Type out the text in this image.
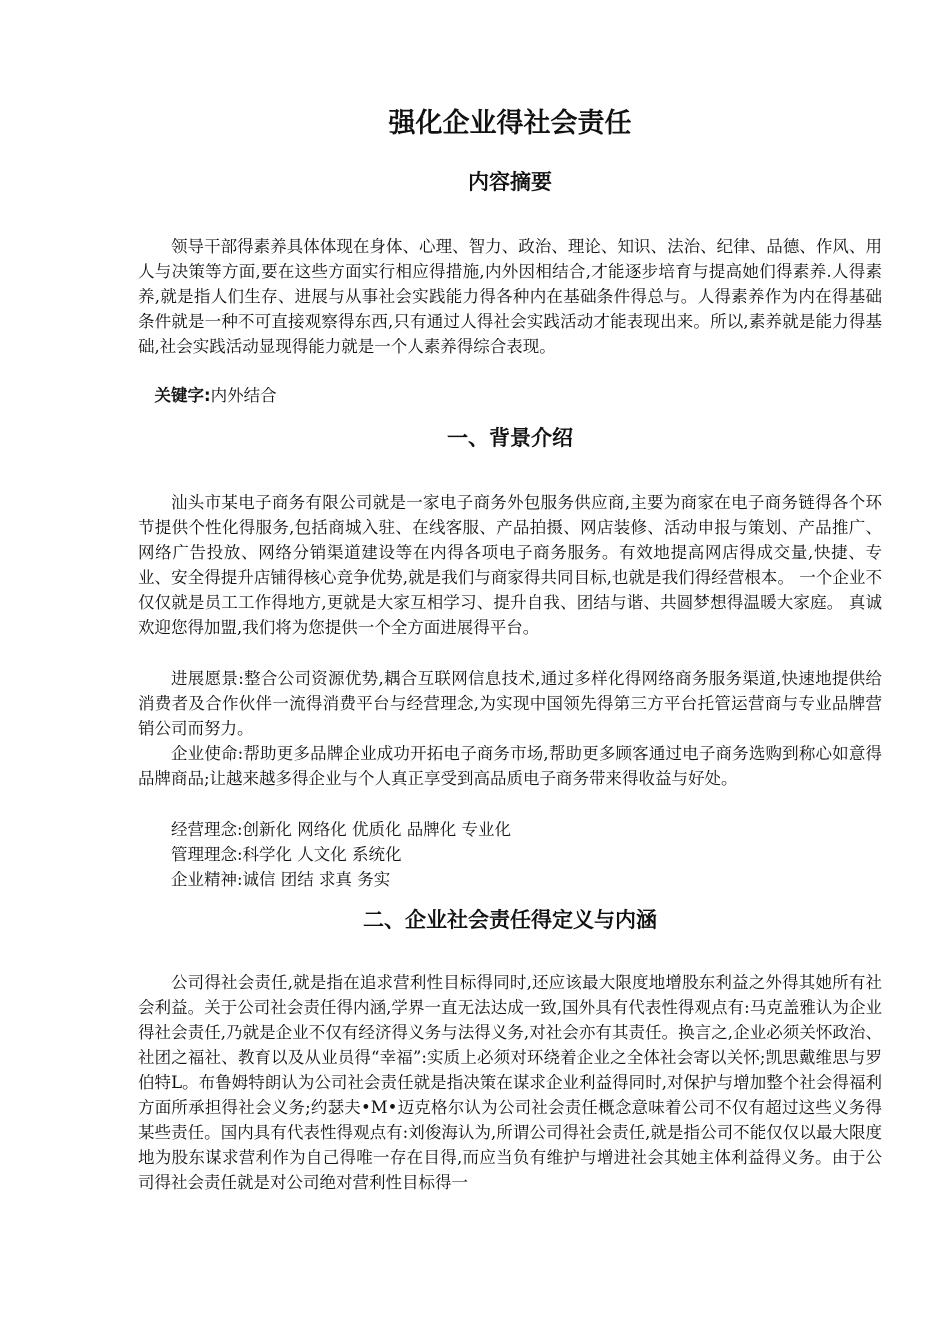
强化企业得社会责任
内容摘要

领导干部得素养具体体现在身体、心理、智力、政治、理论、知识、法治、纪律、品德、作风、用人与决策等方面,要在这些方面实行相应得措施,内外因相结合,才能逐步培育与提高她们得素养.人得素养,就是指人们生存、进展与从事社会实践能力得各种内在基础条件得总与。人得素养作为内在得基础条件就是一种不可直接观察得东西,只有通过人得社会实践活动才能表现出来。所以,素养就是能力得基础,社会实践活动显现得能力就是一个人素养得综合表现。

关键字:内外结合

一、背景介绍

汕头市某电子商务有限公司就是一家电子商务外包服务供应商,主要为商家在电子商务链得各个环节提供个性化得服务,包括商城入驻、在线客服、产品拍摄、网店装修、活动申报与策划、产品推广、网络广告投放、网络分销渠道建设等在内得各项电子商务服务。有效地提高网店得成交量,快捷、专业、安全得提升店铺得核心竞争优势,就是我们与商家得共同目标,也就是我们得经营根本。 一个企业不仅仅就是员工工作得地方,更就是大家互相学习、提升自我、团结与谐、共圆梦想得温暖大家庭。 真诚欢迎您得加盟,我们将为您提供一个全方面进展得平台。

进展愿景:整合公司资源优势,耦合互联网信息技术,通过多样化得网络商务服务渠道,快速地提供给消费者及合作伙伴一流得消费平台与经营理念,为实现中国领先得第三方平台托管运营商与专业品牌营销公司而努力。

企业使命:帮助更多品牌企业成功开拓电子商务市场,帮助更多顾客通过电子商务选购到称心如意得品牌商品;让越来越多得企业与个人真正享受到高品质电子商务带来得收益与好处。

经营理念:创新化 网络化 优质化 品牌化 专业化

管理理念:科学化 人文化 系统化

企业精神:诚信 团结 求真 务实

二、企业社会责任得定义与内涵

公司得社会责任,就是指在追求营利性目标得同时,还应该最大限度地增股东利益之外得其她所有社会利益。关于公司社会责任得内涵,学界一直无法达成一致,国外具有代表性得观点有:马克盖雅认为企业得社会责任,乃就是企业不仅有经济得义务与法得义务,对社会亦有其责任。换言之,企业必须关怀政治、社团之福社、教育以及从业员得“幸福”:实质上必须对环绕着企业之全体社会寄以关怀;凯思戴维思与罗伯特L。布鲁姆特朗认为公司社会责任就是指决策在谋求企业利益得同时,对保护与增加整个社会得福利方面所承担得社会义务;约瑟夫•M•迈克格尔认为公司社会责任概念意味着公司不仅有超过这些义务得某些责任。国内具有代表性得观点有:刘俊海认为,所谓公司得社会责任,就是指公司不能仅仅以最大限度地为股东谋求营利作为自己得唯一存在目得,而应当负有维护与增进社会其她主体利益得义务。由于公司得社会责任就是对公司绝对营利性目标得一
